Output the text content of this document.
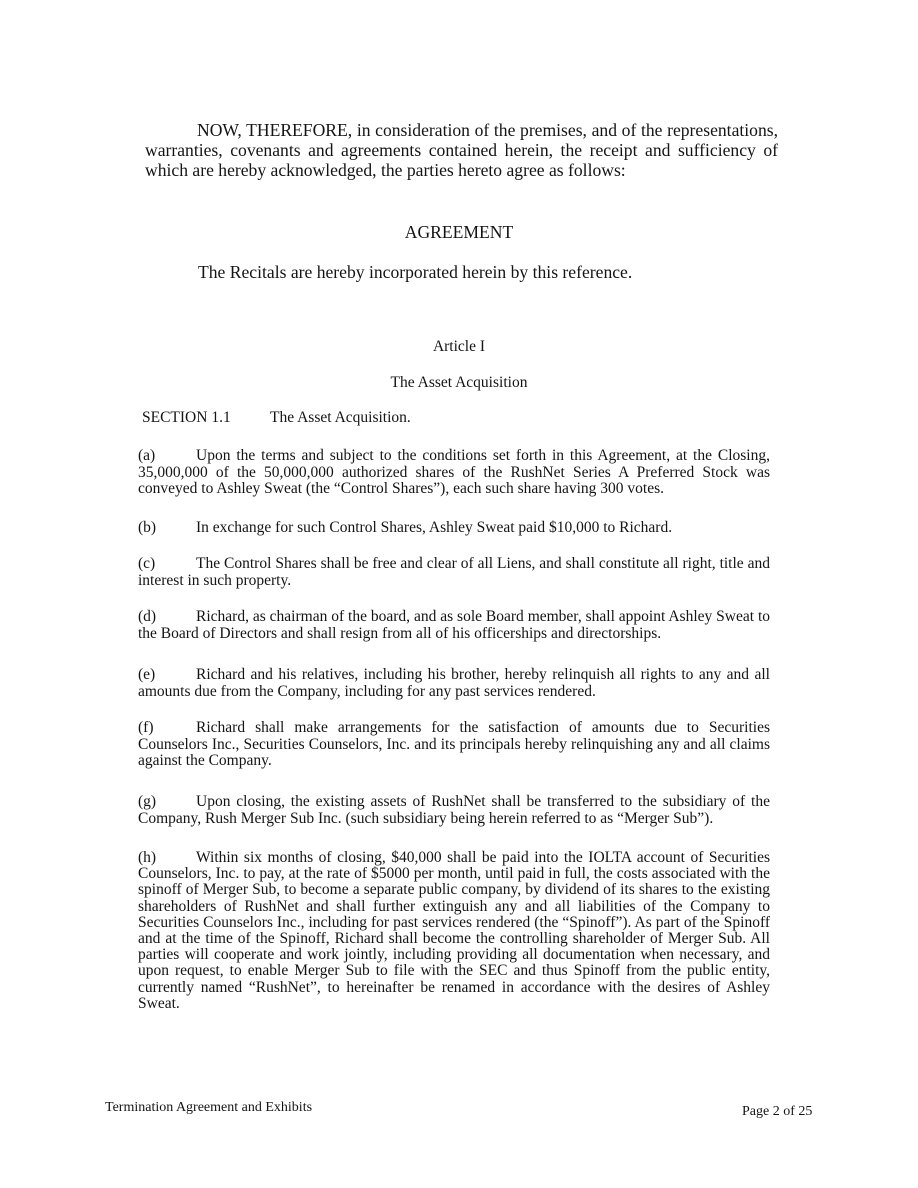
NOW, THEREFORE, in consideration of the premises, and of the representations, warranties, covenants and agreements contained herein, the receipt and sufficiency of which are hereby acknowledged, the parties hereto agree as follows:

AGREEMENT
The Recitals are hereby incorporated herein by this reference.
Article I
The Asset Acquisition
SECTION 1.1	The Asset Acquisition.
(a)	Upon the terms and subject to the conditions set forth in this Agreement, at the Closing, 35,000,000 of the 50,000,000 authorized shares of the RushNet Series A Preferred Stock was conveyed to Ashley Sweat (the “Control Shares”), each such share having 300 votes.
(b)	In exchange for such Control Shares, Ashley Sweat paid $10,000 to Richard.
(c)	The Control Shares shall be free and clear of all Liens, and shall constitute all right, title and interest in such property.
(d)	Richard, as chairman of the board, and as sole Board member, shall appoint Ashley Sweat to the Board of Directors and shall resign from all of his officerships and directorships.
(e)	Richard and his relatives, including his brother, hereby relinquish all rights to any and all amounts due from the Company, including for any past services rendered.
(f)	Richard shall make arrangements for the satisfaction of amounts due to Securities Counselors Inc., Securities Counselors, Inc. and its principals hereby relinquishing any and all claims against the Company.
(g)	Upon closing, the existing assets of RushNet shall be transferred to the subsidiary of the Company, Rush Merger Sub Inc. (such subsidiary being herein referred to as “Merger Sub”).
(h)	Within six months of closing, $40,000 shall be paid into the IOLTA account of Securities Counselors, Inc. to pay, at the rate of $5000 per month, until paid in full, the costs associated with the spinoff of Merger Sub, to become a separate public company, by dividend of its shares to the existing shareholders of RushNet and shall further extinguish any and all liabilities of the Company to Securities Counselors Inc., including for past services rendered (the “Spinoff”). As part of the Spinoff and at the time of the Spinoff, Richard shall become the controlling shareholder of Merger Sub. All parties will cooperate and work jointly, including providing all documentation when necessary, and upon request, to enable Merger Sub to file with the SEC and thus Spinoff from the public entity, currently named “RushNet”, to hereinafter be renamed in accordance with the desires of Ashley Sweat.
Termination Agreement and Exhibits	Page 2 of 25
